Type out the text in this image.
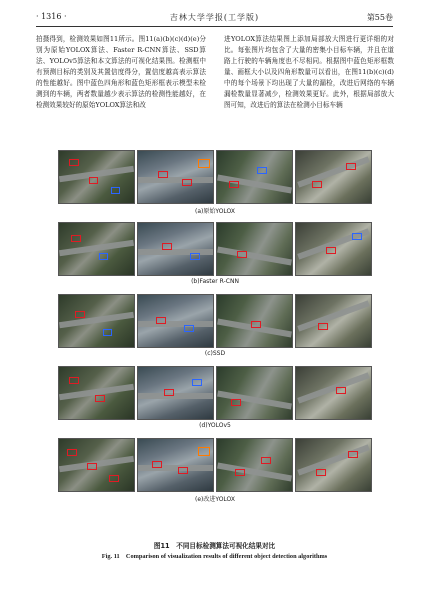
· 1316 ·	吉林大学学报(工学版)	第55卷

拍摄得到，检测效果如图11所示。图11(a)(b)(c)(d)(e)分别为原始YOLOX算法、Faster R-CNN算法、SSD算法、YOLOv5算法和本文算法的可视化结果图。检测框中有预测目标的类别及其置信度得分，置信度越高表示算法的性能越好。图中蓝色四角形和蓝色矩形框表示模型未检测到的车辆，两者数量越少表示算法的检测性能越好，在检测效果较好的原始YOLOX算法和改

进YOLOX算法结果图上添加局部放大图进行更详细的对比。每张图片均包含了大量的密集小目标车辆，并且在道路上行驶的车辆角度也不尽相同。根据图中蓝色矩形框数量、画框大小以及四角形数量可以看出，在图11(b)(c)(d)中的每个场景下均出现了大量的漏检，改进后网络的车辆漏检数量显著减少，检测效果更好。此外，根据局部放大图可知，改进后的算法在检测小目标车辆

(a)原始YOLOX
(b)Faster R-CNN
(c)SSD
(d)YOLOv5
(e)改进YOLOX
图11　不同目标检测算法可视化结果对比
Fig. 11　Comparison of visualization results of different object detection algorithms
